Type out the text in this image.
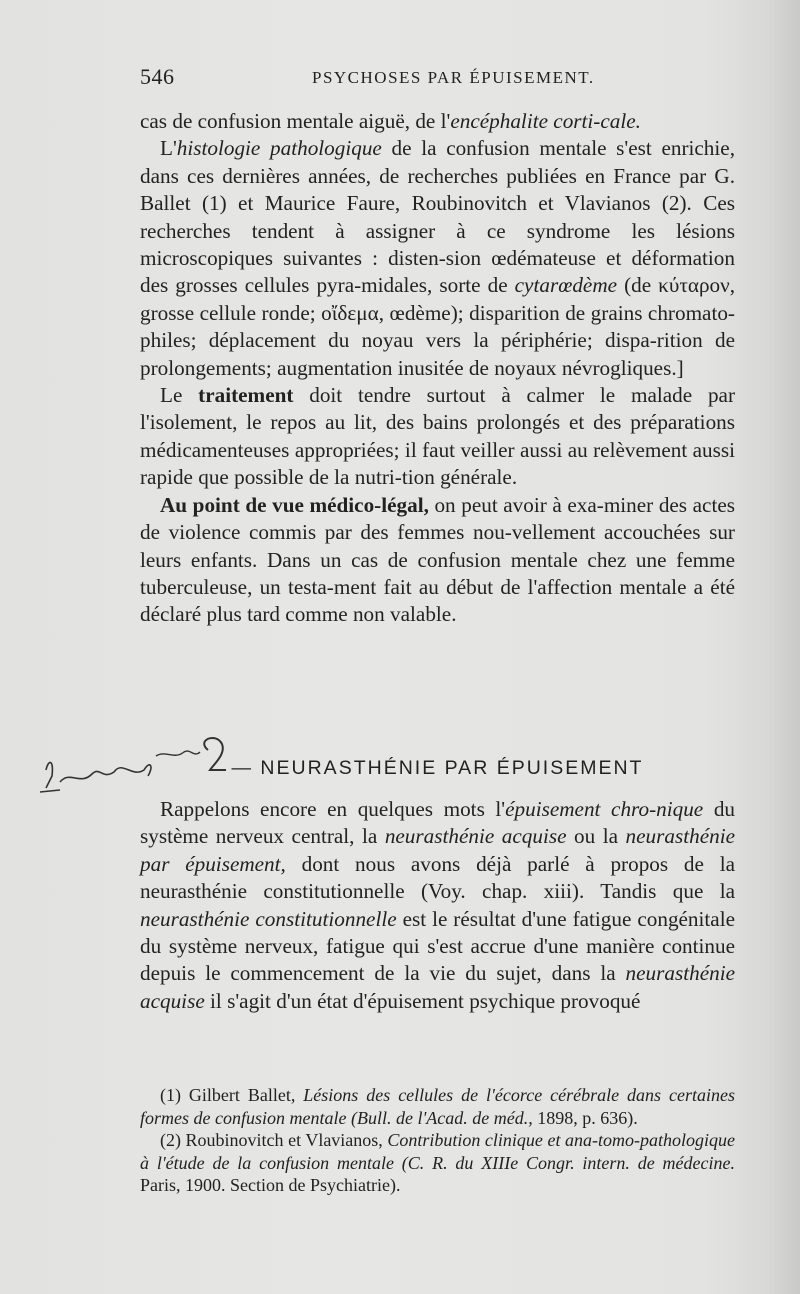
546	PSYCHOSES PAR ÉPUISEMENT.

cas de confusion mentale aiguë, de l'encéphalite corti-cale.

L'histologie pathologique de la confusion mentale s'est enrichie, dans ces dernières années, de recherches publiées en France par G. Ballet (1) et Maurice Faure, Roubinovitch et Vlavianos (2). Ces recherches tendent à assigner à ce syndrome les lésions microscopiques suivantes : disten-sion œdémateuse et déformation des grosses cellules pyra-midales, sorte de cytarœdème (de κύταρον, grosse cellule ronde; οἴδεμα, œdème); disparition de grains chromato-philes; déplacement du noyau vers la périphérie; dispa-rition de prolongements; augmentation inusitée de noyaux névrogliques.]

Le traitement doit tendre surtout à calmer le malade par l'isolement, le repos au lit, des bains prolongés et des préparations médicamenteuses appropriées; il faut veiller aussi au relèvement aussi rapide que possible de la nutri-tion générale.

Au point de vue médico-légal, on peut avoir à exa-miner des actes de violence commis par des femmes nou-vellement accouchées sur leurs enfants. Dans un cas de confusion mentale chez une femme tuberculeuse, un testa-ment fait au début de l'affection mentale a été déclaré plus tard comme non valable.

— NEURASTHÉNIE PAR ÉPUISEMENT

Rappelons encore en quelques mots l'épuisement chro-nique du système nerveux central, la neurasthénie acquise ou la neurasthénie par épuisement, dont nous avons déjà parlé à propos de la neurasthénie constitutionnelle (Voy. chap. xiii). Tandis que la neurasthénie constitutionnelle est le résultat d'une fatigue congénitale du système nerveux, fatigue qui s'est accrue d'une manière continue depuis le commencement de la vie du sujet, dans la neurasthénie acquise il s'agit d'un état d'épuisement psychique provoqué

(1) Gilbert Ballet, Lésions des cellules de l'écorce cérébrale dans certaines formes de confusion mentale (Bull. de l'Acad. de méd., 1898, p. 636).

(2) Roubinovitch et Vlavianos, Contribution clinique et ana-tomo-pathologique à l'étude de la confusion mentale (C. R. du XIIIe Congr. intern. de médecine. Paris, 1900. Section de Psychiatrie).
